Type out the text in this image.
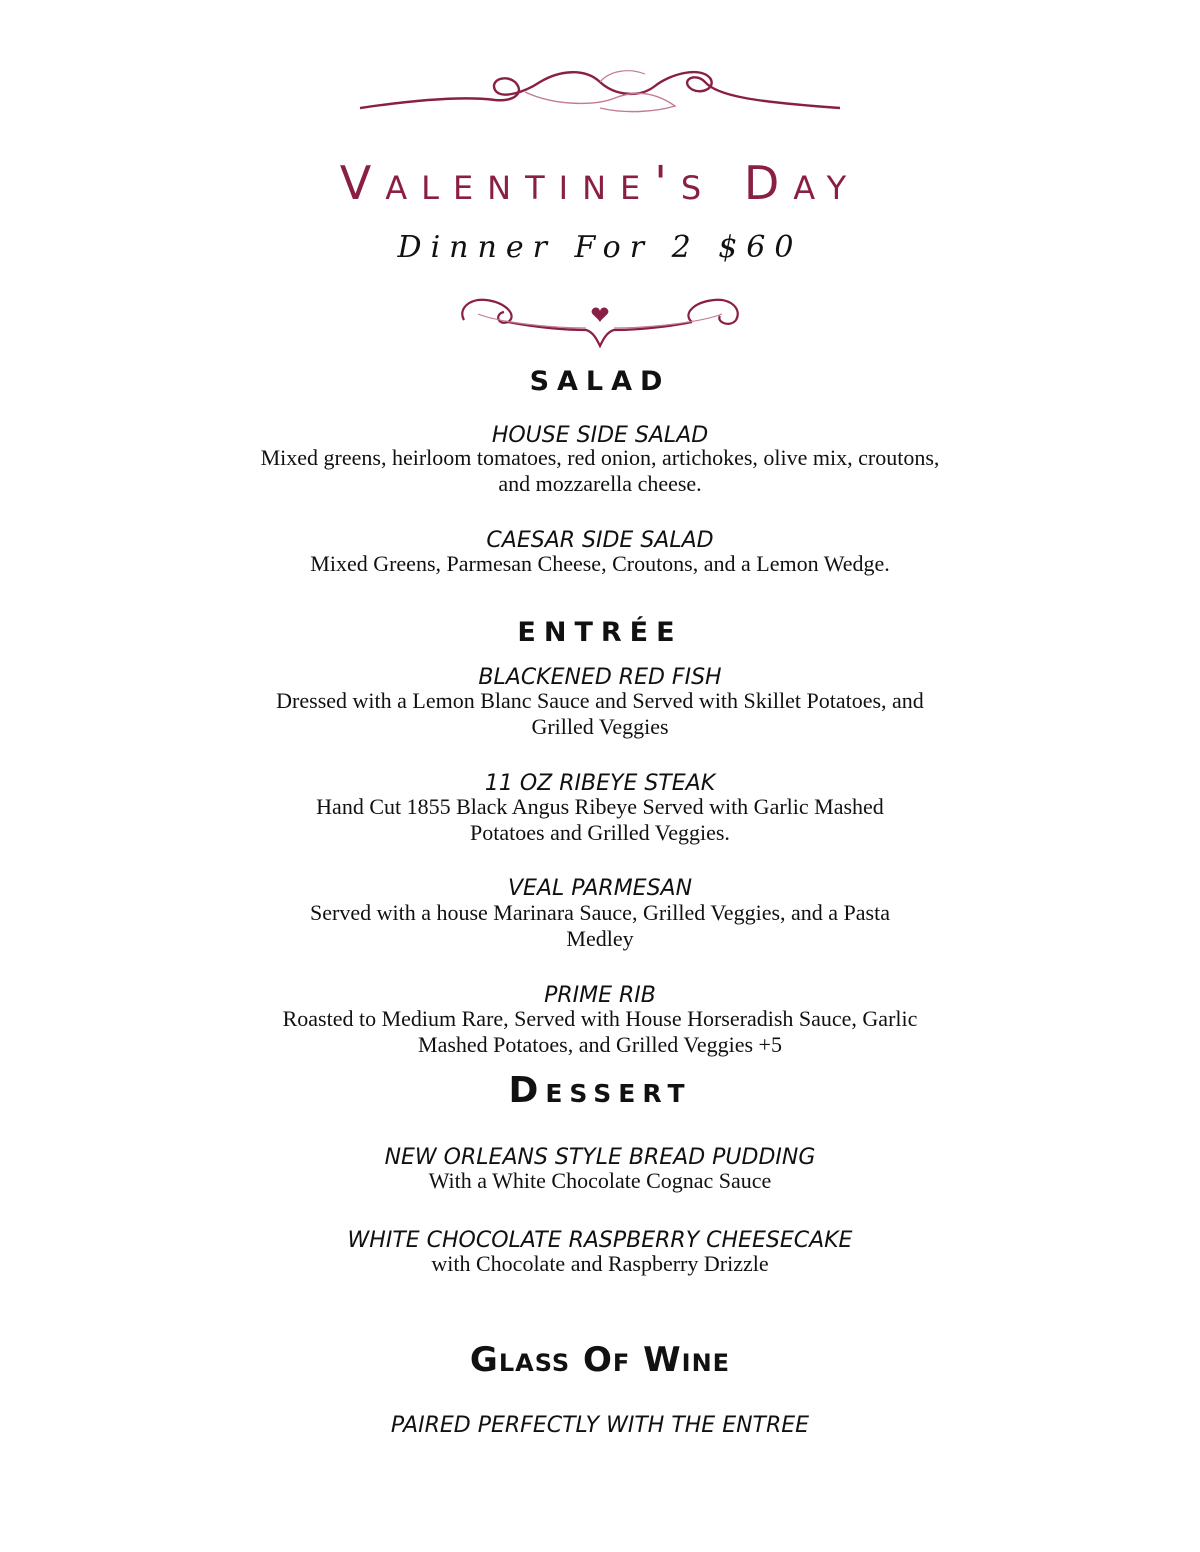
Valentine's Day
Dinner For 2 $60
SALAD
HOUSE SIDE SALAD
Mixed greens, heirloom tomatoes, red onion, artichokes, olive mix, croutons, and mozzarella cheese.
CAESAR SIDE SALAD
Mixed Greens, Parmesan Cheese, Croutons, and a Lemon Wedge.
ENTRÉE
BLACKENED RED FISH
Dressed with a Lemon Blanc Sauce and Served with Skillet Potatoes, and Grilled Veggies
11 OZ RIBEYE STEAK
Hand Cut 1855 Black Angus Ribeye Served with Garlic Mashed Potatoes and Grilled Veggies.
VEAL PARMESAN
Served with a house Marinara Sauce, Grilled Veggies, and a Pasta Medley
PRIME RIB
Roasted to Medium Rare, Served with House Horseradish Sauce, Garlic Mashed Potatoes, and Grilled Veggies +5
Dessert
NEW ORLEANS STYLE BREAD PUDDING
With a White Chocolate Cognac Sauce
WHITE CHOCOLATE RASPBERRY CHEESECAKE
with Chocolate and Raspberry Drizzle
Glass Of Wine
PAIRED PERFECTLY WITH THE ENTREE
